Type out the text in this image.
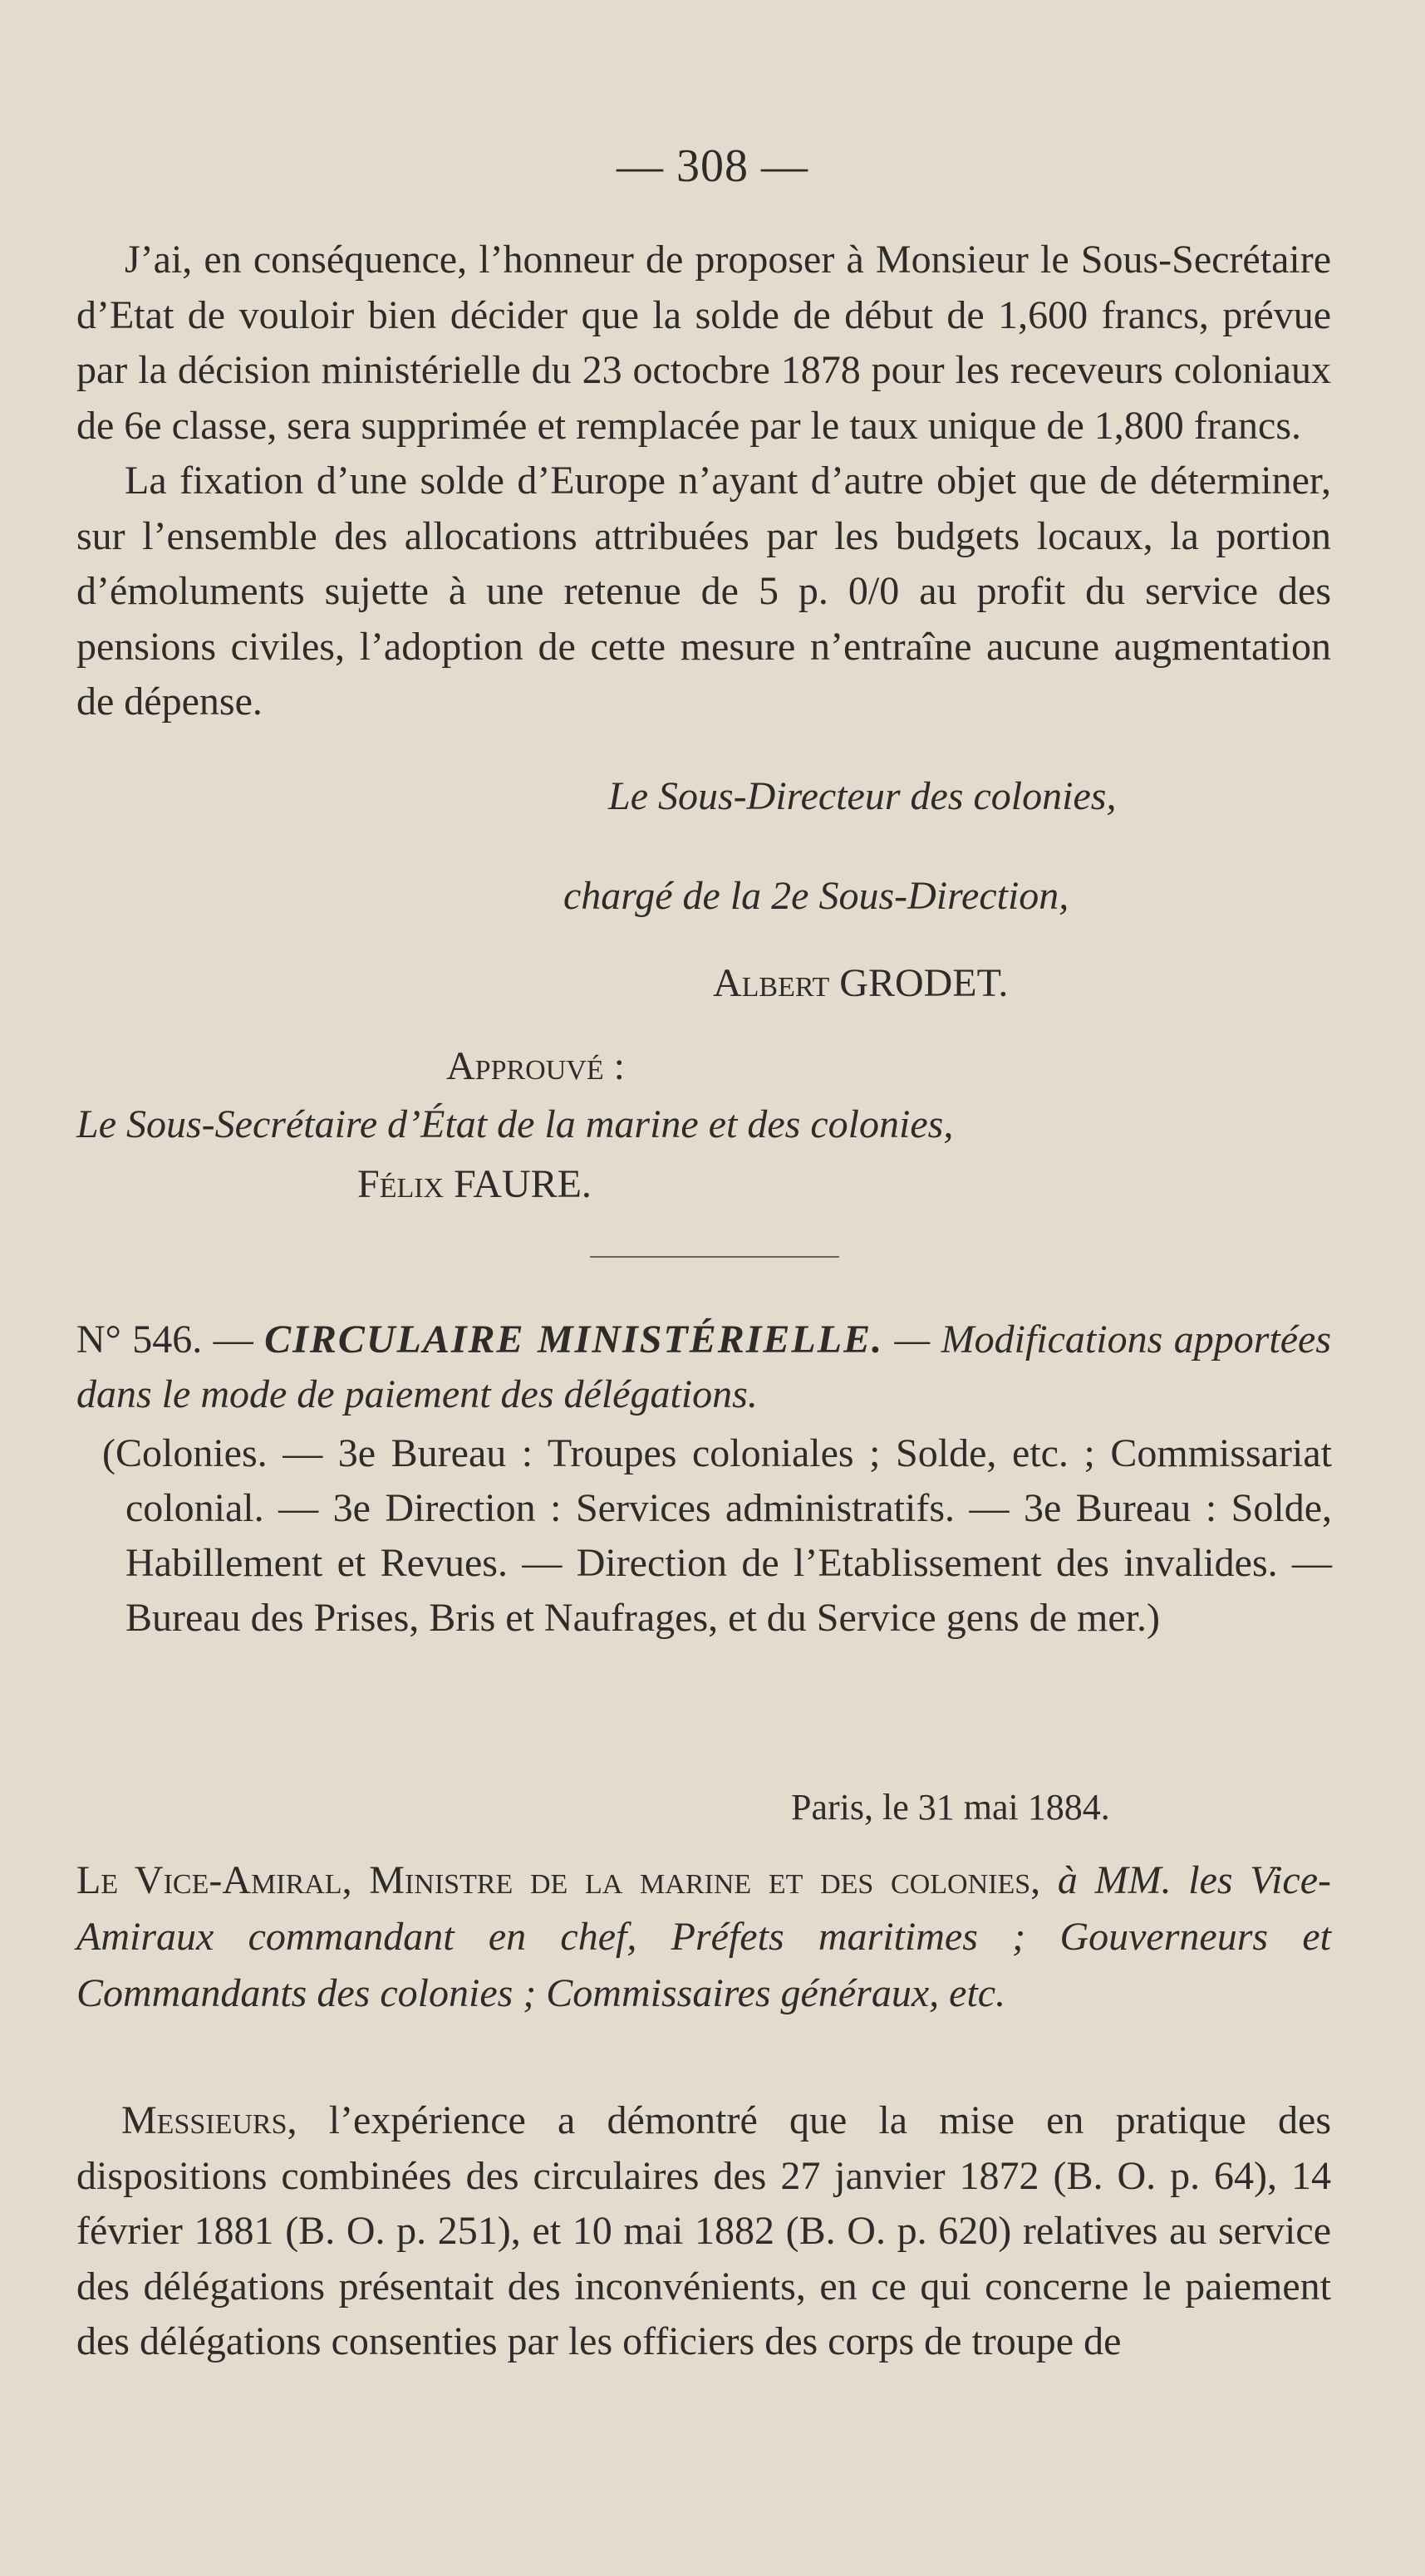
— 308 —

J’ai, en conséquence, l’honneur de proposer à Monsieur le Sous-Secrétaire d’Etat de vouloir bien décider que la solde de début de 1,600 francs, prévue par la décision ministérielle du 23 octocbre 1878 pour les receveurs coloniaux de 6e classe, sera supprimée et remplacée par le taux unique de 1,800 francs.

La fixation d’une solde d’Europe n’ayant d’autre objet que de déterminer, sur l’ensemble des allocations attribuées par les budgets locaux, la portion d’émoluments sujette à une retenue de 5 p. 0/0 au profit du service des pensions civiles, l’adoption de cette mesure n’entraîne aucune augmentation de dépense.

Le Sous-Directeur des colonies,
chargé de la 2e Sous-Direction,
Albert GRODET.
Approuvé :
Le Sous-Secrétaire d’État de la marine et des colonies,
Félix FAURE.
N° 546. — CIRCULAIRE MINISTÉRIELLE. — Modifications apportées dans le mode de paiement des délégations.
(Colonies. — 3e Bureau : Troupes coloniales ; Solde, etc. ; Commissariat colonial. — 3e Direction : Services administratifs. — 3e Bureau : Solde, Habillement et Revues. — Direction de l’Etablissement des invalides. — Bureau des Prises, Bris et Naufrages, et du Service gens de mer.)
Paris, le 31 mai 1884.
Le Vice-Amiral, Ministre de la marine et des colonies, à MM. les Vice-Amiraux commandant en chef, Préfets maritimes ; Gouverneurs et Commandants des colonies ; Commissaires généraux, etc.
Messieurs, l’expérience a démontré que la mise en pratique des dispositions combinées des circulaires des 27 janvier 1872 (B. O. p. 64), 14 février 1881 (B. O. p. 251), et 10 mai 1882 (B. O. p. 620) relatives au service des délégations présentait des inconvénients, en ce qui concerne le paiement des délégations consenties par les officiers des corps de troupe de
